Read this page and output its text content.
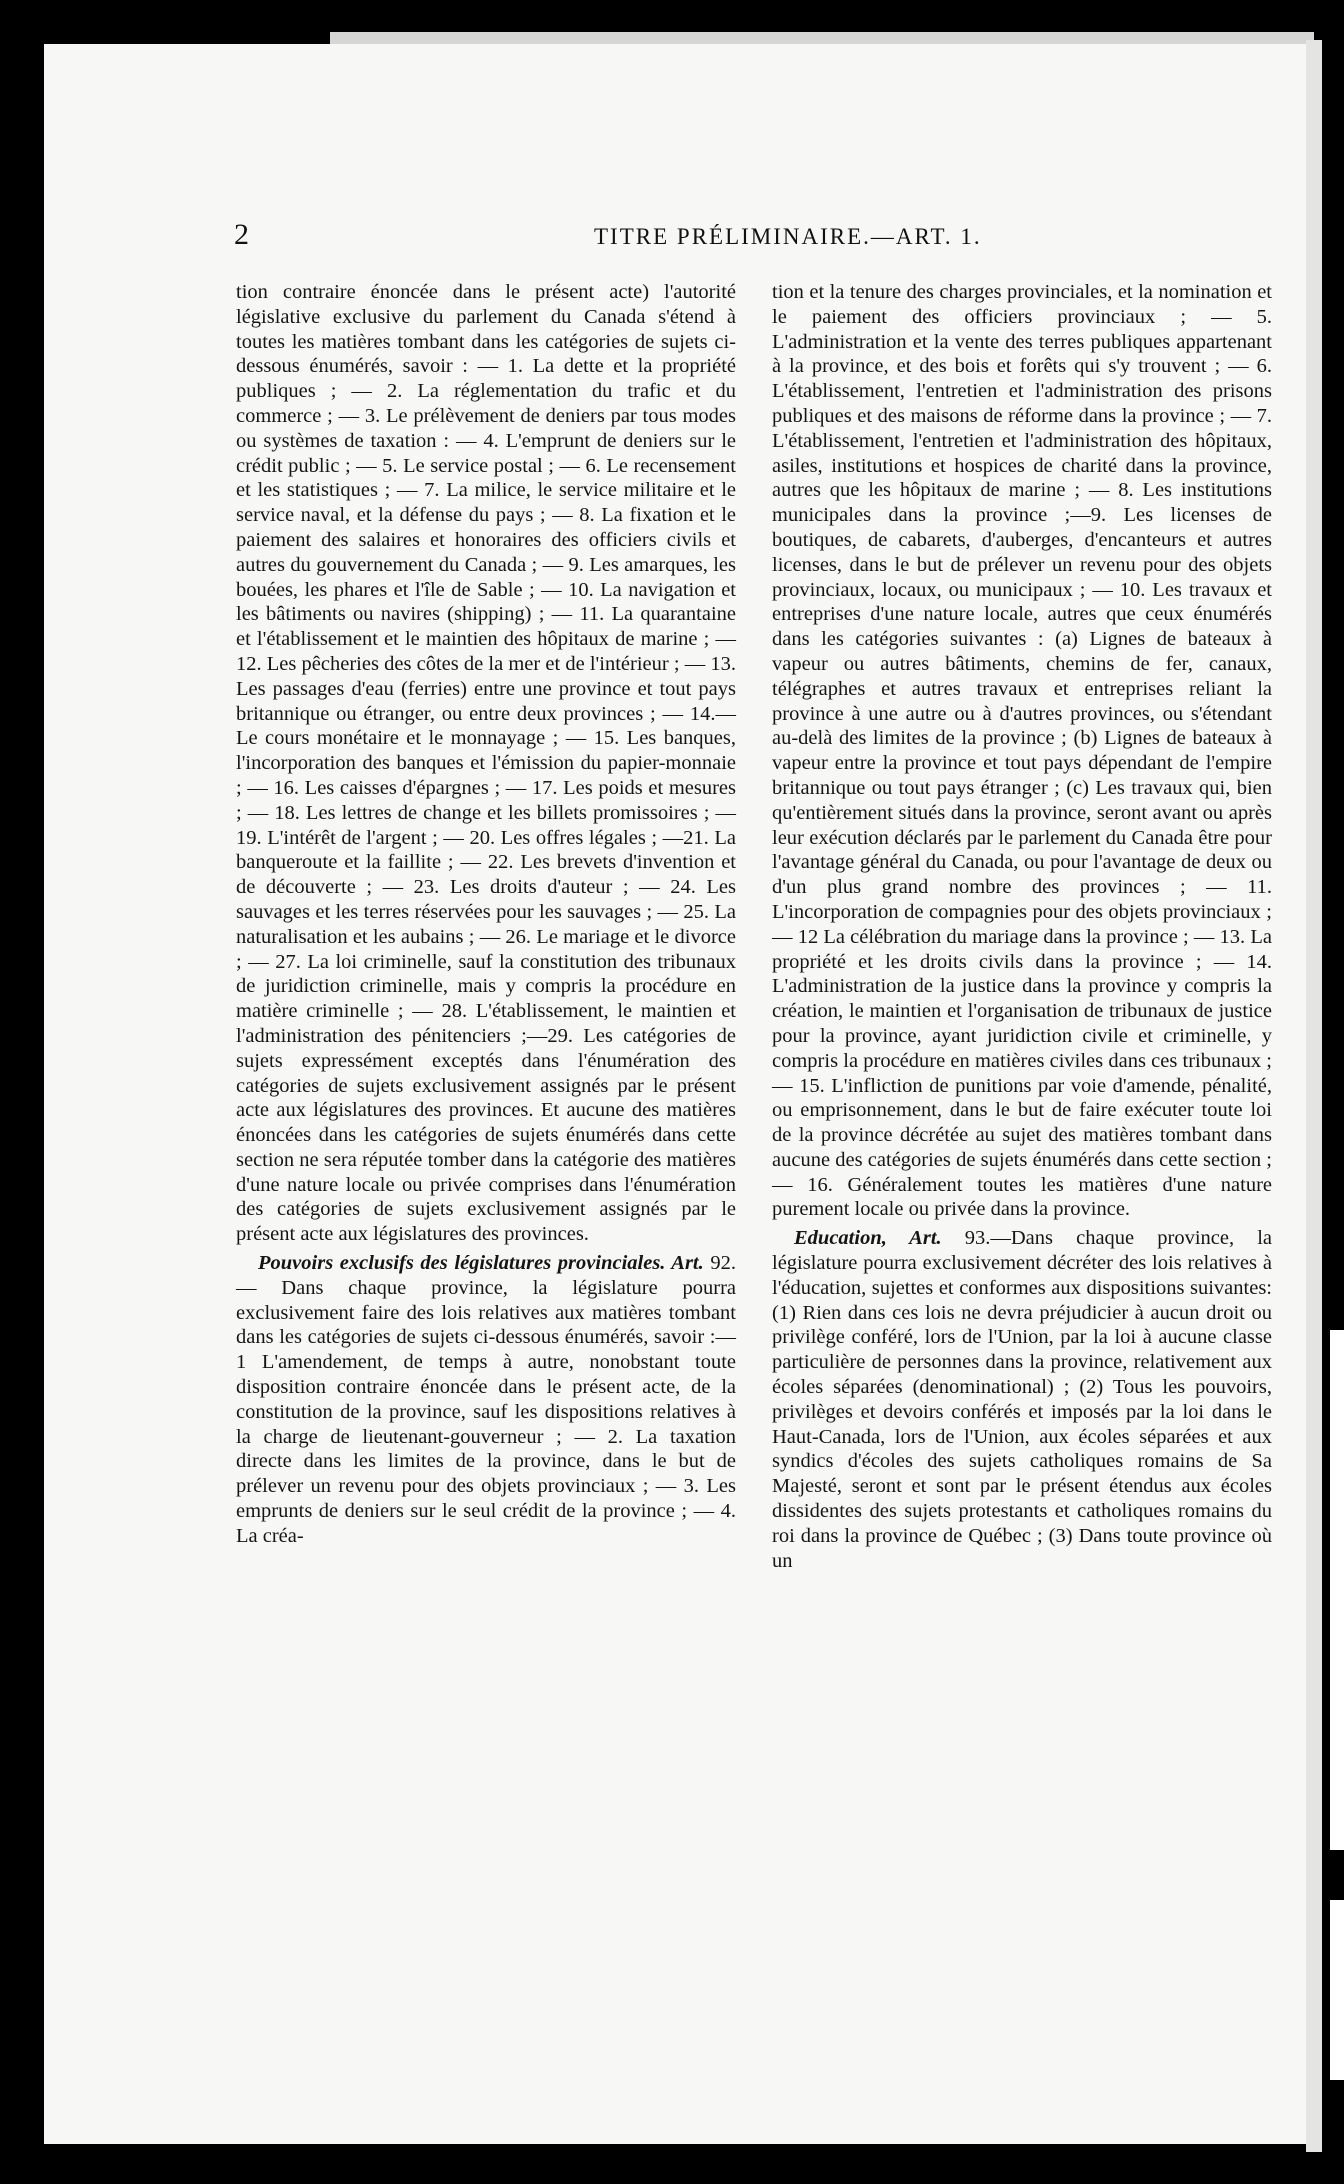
2	TITRE PRÉLIMINAIRE.—ART. 1.

tion contraire énoncée dans le présent acte) l'autorité législative exclusive du parlement du Canada s'étend à toutes les matières tombant dans les catégories de sujets ci-dessous énumérés, savoir : — 1. La dette et la propriété publiques ; — 2. La réglementation du trafic et du commerce ; — 3. Le prélèvement de deniers par tous modes ou systèmes de taxation : — 4. L'emprunt de deniers sur le crédit public ; — 5. Le service postal ; — 6. Le recensement et les statistiques ; — 7. La milice, le service militaire et le service naval, et la défense du pays ; — 8. La fixation et le paiement des salaires et honoraires des officiers civils et autres du gouvernement du Canada ; — 9. Les amarques, les bouées, les phares et l'île de Sable ; — 10. La navigation et les bâtiments ou navires (shipping) ; — 11. La quarantaine et l'établissement et le maintien des hôpitaux de marine ; — 12. Les pêcheries des côtes de la mer et de l'intérieur ; — 13. Les passages d'eau (ferries) entre une province et tout pays britannique ou étranger, ou entre deux provinces ; — 14.—Le cours monétaire et le monnayage ; — 15. Les banques, l'incorporation des banques et l'émission du papier-monnaie ; — 16. Les caisses d'épargnes ; — 17. Les poids et mesures ; — 18. Les lettres de change et les billets promissoires ; — 19. L'intérêt de l'argent ; — 20. Les offres légales ; —21. La banqueroute et la faillite ; — 22. Les brevets d'invention et de découverte ; — 23. Les droits d'auteur ; — 24. Les sauvages et les terres réservées pour les sauvages ; — 25. La naturalisation et les aubains ; — 26. Le mariage et le divorce ; — 27. La loi criminelle, sauf la constitution des tribunaux de juridiction criminelle, mais y compris la procédure en matière criminelle ; — 28. L'établissement, le maintien et l'administration des pénitenciers ;—29. Les catégories de sujets expressément exceptés dans l'énumération des catégories de sujets exclusivement assignés par le présent acte aux législatures des provinces. Et aucune des matières énoncées dans les catégories de sujets énumérés dans cette section ne sera réputée tomber dans la catégorie des matières d'une nature locale ou privée comprises dans l'énumération des catégories de sujets exclusivement assignés par le présent acte aux législatures des provinces.

Pouvoirs exclusifs des législatures provinciales. Art. 92. — Dans chaque province, la législature pourra exclusivement faire des lois relatives aux matières tombant dans les catégories de sujets ci-dessous énumérés, savoir :—1 L'amendement, de temps à autre, nonobstant toute disposition contraire énoncée dans le présent acte, de la constitution de la province, sauf les dispositions relatives à la charge de lieutenant-gouverneur ; — 2. La taxation directe dans les limites de la province, dans le but de prélever un revenu pour des objets provinciaux ; — 3. Les emprunts de deniers sur le seul crédit de la province ; — 4. La créa-

tion et la tenure des charges provinciales, et la nomination et le paiement des officiers provinciaux ; — 5. L'administration et la vente des terres publiques appartenant à la province, et des bois et forêts qui s'y trouvent ; — 6. L'établissement, l'entretien et l'administration des prisons publiques et des maisons de réforme dans la province ; — 7. L'établissement, l'entretien et l'administration des hôpitaux, asiles, institutions et hospices de charité dans la province, autres que les hôpitaux de marine ; — 8. Les institutions municipales dans la province ;—9. Les licenses de boutiques, de cabarets, d'auberges, d'encanteurs et autres licenses, dans le but de prélever un revenu pour des objets provinciaux, locaux, ou municipaux ; — 10. Les travaux et entreprises d'une nature locale, autres que ceux énumérés dans les catégories suivantes : (a) Lignes de bateaux à vapeur ou autres bâtiments, chemins de fer, canaux, télégraphes et autres travaux et entreprises reliant la province à une autre ou à d'autres provinces, ou s'étendant au-delà des limites de la province ; (b) Lignes de bateaux à vapeur entre la province et tout pays dépendant de l'empire britannique ou tout pays étranger ; (c) Les travaux qui, bien qu'entièrement situés dans la province, seront avant ou après leur exécution déclarés par le parlement du Canada être pour l'avantage général du Canada, ou pour l'avantage de deux ou d'un plus grand nombre des provinces ; — 11. L'incorporation de compagnies pour des objets provinciaux ; — 12 La célébration du mariage dans la province ; — 13. La propriété et les droits civils dans la province ; — 14. L'administration de la justice dans la province y compris la création, le maintien et l'organisation de tribunaux de justice pour la province, ayant juridiction civile et criminelle, y compris la procédure en matières civiles dans ces tribunaux ; — 15. L'infliction de punitions par voie d'amende, pénalité, ou emprisonnement, dans le but de faire exécuter toute loi de la province décrétée au sujet des matières tombant dans aucune des catégories de sujets énumérés dans cette section ; — 16. Généralement toutes les matières d'une nature purement locale ou privée dans la province.

Education, Art. 93.—Dans chaque province, la législature pourra exclusivement décréter des lois relatives à l'éducation, sujettes et conformes aux dispositions suivantes: (1) Rien dans ces lois ne devra préjudicier à aucun droit ou privilège conféré, lors de l'Union, par la loi à aucune classe particulière de personnes dans la province, relativement aux écoles séparées (denominational) ; (2) Tous les pouvoirs, privilèges et devoirs conférés et imposés par la loi dans le Haut-Canada, lors de l'Union, aux écoles séparées et aux syndics d'écoles des sujets catholiques romains de Sa Majesté, seront et sont par le présent étendus aux écoles dissidentes des sujets protestants et catholiques romains du roi dans la province de Québec ; (3) Dans toute province où un
